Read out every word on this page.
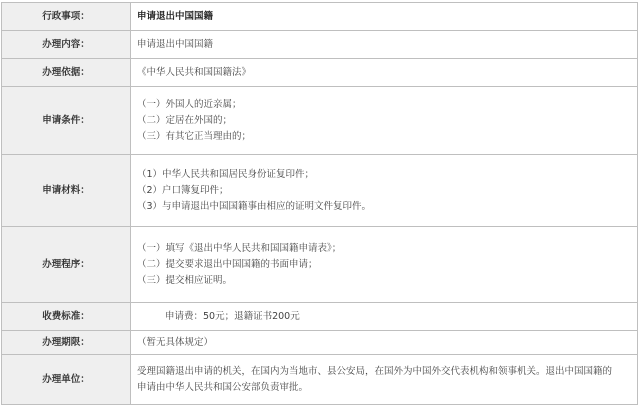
行政事项：	申请退出中国国籍

办理内容：	申请退出中国国籍

办理依据：	《中华人民共和国国籍法》

申请条件：	（一）外国人的近亲属；
（二）定居在外国的；
（三）有其它正当理由的；

申请材料：	（1）中华人民共和国居民身份证复印件；
（2）户口簿复印件；
（3）与申请退出中国国籍事由相应的证明文件复印件。

办理程序：	（一）填写《退出中华人民共和国国籍申请表》；
（二）提交要求退出中国国籍的书面申请；
（三）提交相应证明。

收费标准：	申请费：50元；退籍证书200元

办理期限：	（暂无具体规定）

办理单位：	受理国籍退出申请的机关，在国内为当地市、县公安局，在国外为中国外交代表机构和领事机关。退出中国国籍的
申请由中华人民共和国公安部负责审批。
